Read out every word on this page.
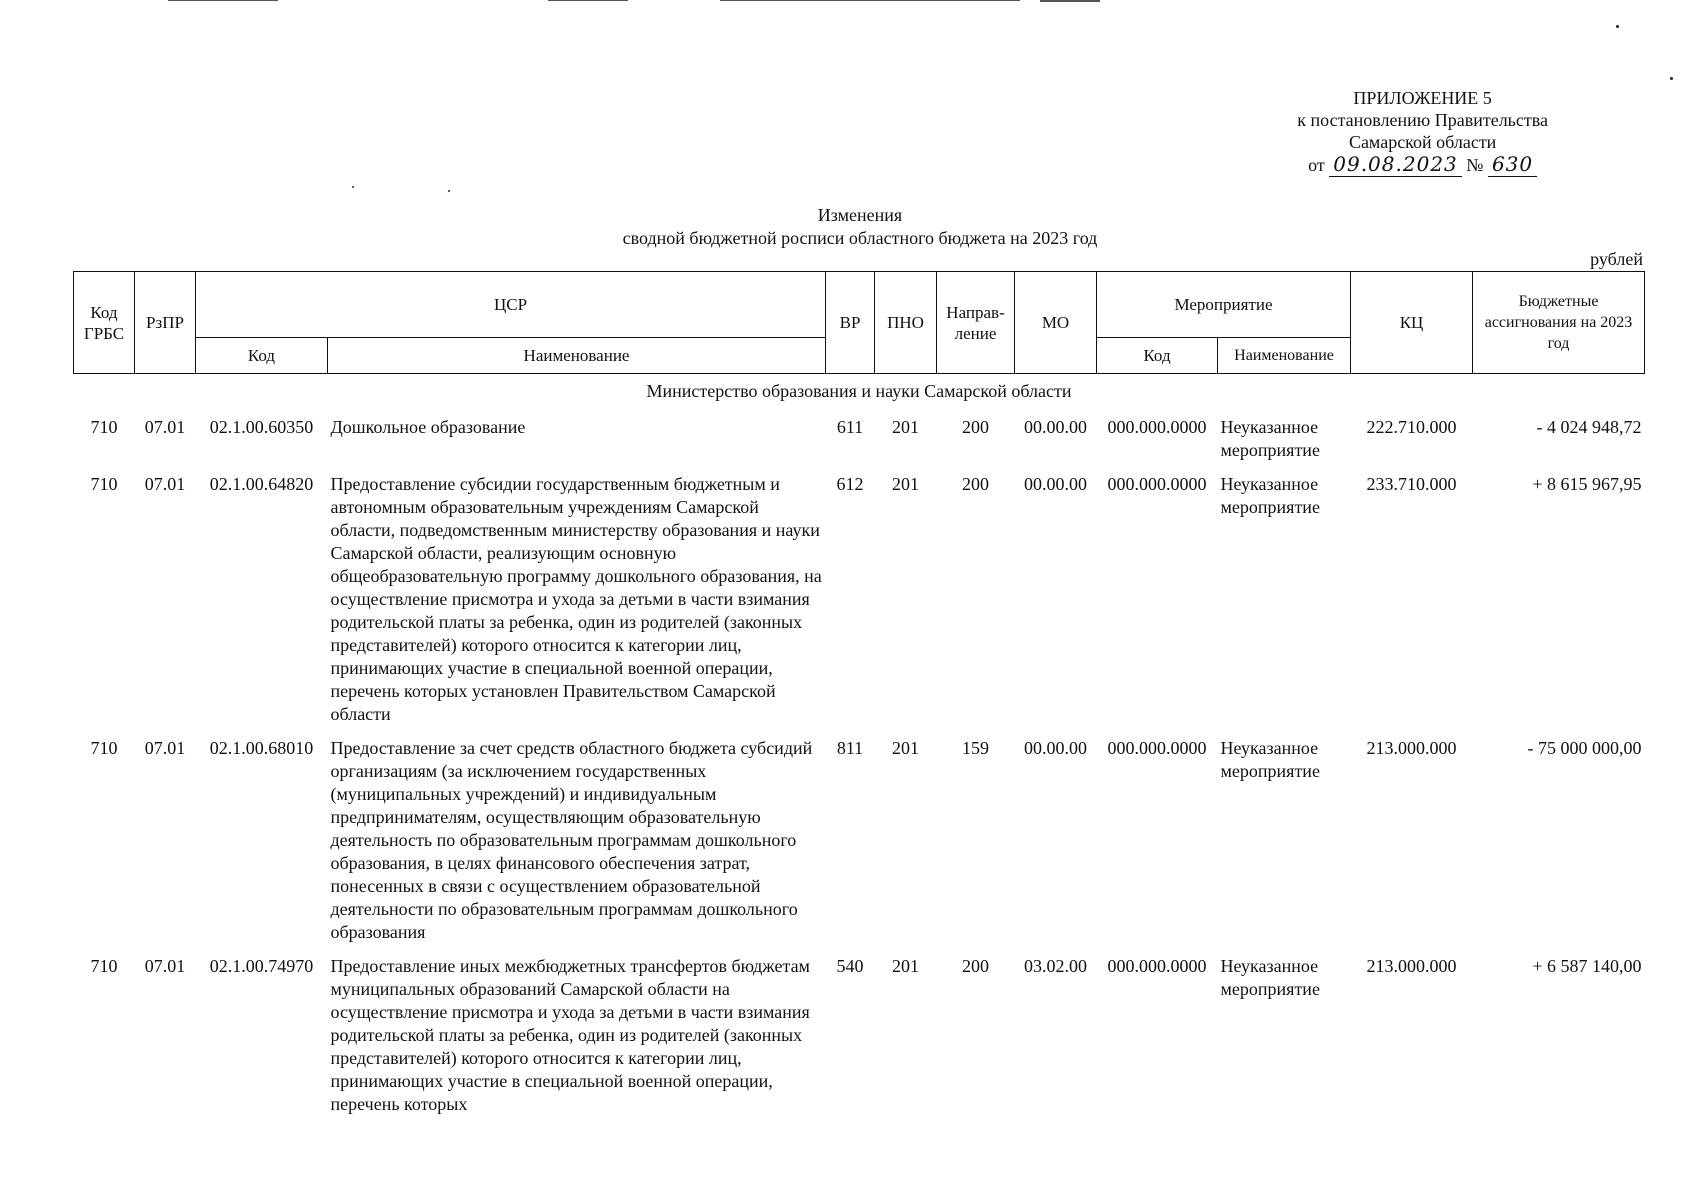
ПРИЛОЖЕНИЕ 5
к постановлению Правительства
Самарской области
от 09.08.2023 № 630
Изменения
сводной бюджетной росписи областного бюджета на 2023 год
рублей
Код ГРБС	РзПР	ЦСР		ВР	ПНО	Направ-ление	МО	Мероприятие		КЦ	Бюджетные ассигнования на 2023 год
		Код	Наименование					Код	Наименование		
Министерство образования и науки Самарской области											
710	07.01	02.1.00.60350	Дошкольное образование	611	201	200	00.00.00	000.000.0000	Неуказанное мероприятие	222.710.000	- 4 024 948,72
710	07.01	02.1.00.64820	Предоставление субсидии государственным бюджетным и автономным образовательным учреждениям Самарской области, подведомственным министерству образования и науки Самарской области, реализующим основную общеобразовательную программу дошкольного образования, на осуществление присмотра и ухода за детьми в части взимания родительской платы за ребенка, один из родителей (законных представителей) которого относится к категории лиц, принимающих участие в специальной военной операции, перечень которых установлен Правительством Самарской области	612	201	200	00.00.00	000.000.0000	Неуказанное мероприятие	233.710.000	+ 8 615 967,95
710	07.01	02.1.00.68010	Предоставление за счет средств областного бюджета субсидий организациям (за исключением государственных (муниципальных учреждений) и индивидуальным предпринимателям, осуществляющим образовательную деятельность по образовательным программам дошкольного образования, в целях финансового обеспечения затрат, понесенных в связи с осуществлением образовательной деятельности по образовательным программам дошкольного образования	811	201	159	00.00.00	000.000.0000	Неуказанное мероприятие	213.000.000	- 75 000 000,00
710	07.01	02.1.00.74970	Предоставление иных межбюджетных трансфертов бюджетам муниципальных образований Самарской области на осуществление присмотра и ухода за детьми в части взимания родительской платы за ребенка, один из родителей (законных представителей) которого относится к категории лиц, принимающих участие в специальной военной операции, перечень которых	540	201	200	03.02.00	000.000.0000	Неуказанное мероприятие	213.000.000	+ 6 587 140,00
